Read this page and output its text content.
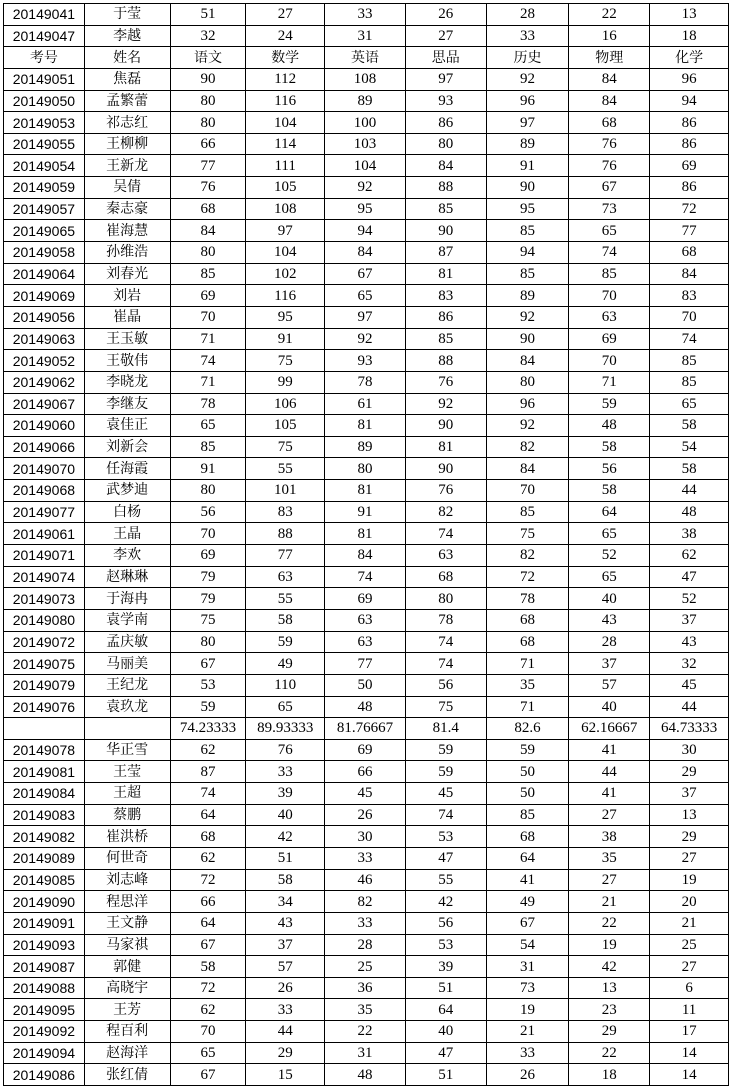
20149041	于莹	51	27	33	26	28	22	13
20149047	李越	32	24	31	27	33	16	18
考号	姓名	语文	数学	英语	思品	历史	物理	化学
20149051	焦磊	90	112	108	97	92	84	96
20149050	孟繁蕾	80	116	89	93	96	84	94
20149053	祁志红	80	104	100	86	97	68	86
20149055	王柳柳	66	114	103	80	89	76	86
20149054	王新龙	77	111	104	84	91	76	69
20149059	吴倩	76	105	92	88	90	67	86
20149057	秦志豪	68	108	95	85	95	73	72
20149065	崔海慧	84	97	94	90	85	65	77
20149058	孙维浩	80	104	84	87	94	74	68
20149064	刘春光	85	102	67	81	85	85	84
20149069	刘岩	69	116	65	83	89	70	83
20149056	崔晶	70	95	97	86	92	63	70
20149063	王玉敏	71	91	92	85	90	69	74
20149052	王敬伟	74	75	93	88	84	70	85
20149062	李晓龙	71	99	78	76	80	71	85
20149067	李继友	78	106	61	92	96	59	65
20149060	袁佳正	65	105	81	90	92	48	58
20149066	刘新会	85	75	89	81	82	58	54
20149070	任海霞	91	55	80	90	84	56	58
20149068	武梦迪	80	101	81	76	70	58	44
20149077	白杨	56	83	91	82	85	64	48
20149061	王晶	70	88	81	74	75	65	38
20149071	李欢	69	77	84	63	82	52	62
20149074	赵琳琳	79	63	74	68	72	65	47
20149073	于海冉	79	55	69	80	78	40	52
20149080	袁学南	75	58	63	78	68	43	37
20149072	孟庆敏	80	59	63	74	68	28	43
20149075	马丽美	67	49	77	74	71	37	32
20149079	王纪龙	53	110	50	56	35	57	45
20149076	袁玖龙	59	65	48	75	71	40	44
		74.23333	89.93333	81.76667	81.4	82.6	62.16667	64.73333
20149078	华正雪	62	76	69	59	59	41	30
20149081	王莹	87	33	66	59	50	44	29
20149084	王超	74	39	45	45	50	41	37
20149083	蔡鹏	64	40	26	74	85	27	13
20149082	崔洪桥	68	42	30	53	68	38	29
20149089	何世奇	62	51	33	47	64	35	27
20149085	刘志峰	72	58	46	55	41	27	19
20149090	程思洋	66	34	82	42	49	21	20
20149091	王文静	64	43	33	56	67	22	21
20149093	马家祺	67	37	28	53	54	19	25
20149087	郭健	58	57	25	39	31	42	27
20149088	高晓宇	72	26	36	51	73	13	6
20149095	王芳	62	33	35	64	19	23	11
20149092	程百利	70	44	22	40	21	29	17
20149094	赵海洋	65	29	31	47	33	22	14
20149086	张红倩	67	15	48	51	26	18	14
